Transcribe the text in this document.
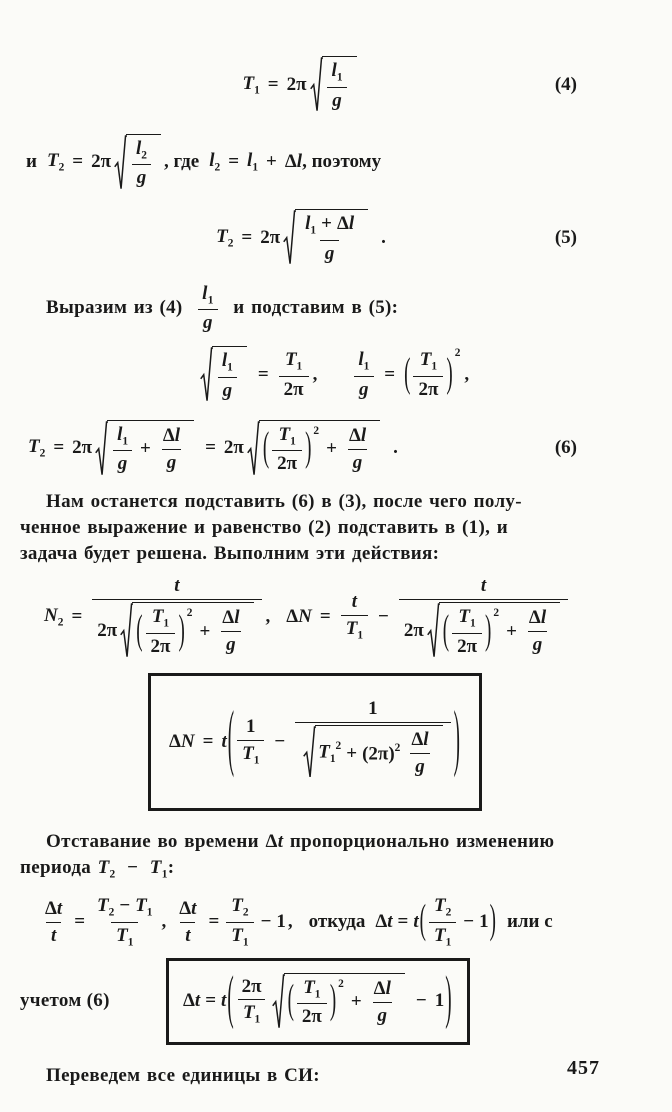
$T_1 = 2\pi \frac{l_1}{g}$	(4)
и $T_2 = 2\pi \frac{l_2}{g}$ , где $l_2 = l_1 + \Delta l$ , поэтому
$T_2 = 2\pi \frac{l_1 + \Delta l}{g}$ .	(5)

Выразим из $(4) \frac{l_1}{g}$ и подставим в (5):

$\frac{l_1}{g} = \frac{T_1}{2\pi}$ , $\frac{l_1}{g}$ = ( $\frac{T_1}{2\pi}$ ) 2
,
$T_2 = 2\pi \frac{l_1}{g} + \frac{\Delta l}{g} = 2\pi$ ( $\frac{T_1}{2\pi}$ ) 2
+ $\frac{\Delta l}{g}$ .	(6)
Нам останется подставить (6) в (3), после чего полу-
ченное выражение и равенство (2) подставить в (1), и
задача будет решена. Выполним эти действия:
$N_2$ =
t
2π ( $\frac{T_1}{2\pi}$ ) 2
+ $\frac{\Delta l}{g}$ , $\Delta N = \frac{t}{T_1}$ −
t
2π ( $\frac{T_1}{2\pi}$ ) 2
+ $\frac{\Delta l}{g}$
ΔN = t ( $\frac{1}{T_1}$ −
1
$T_1^2 + (2\pi)^2 \frac{\Delta l}{g}$ )

Отставание во времени Δt пропорционально изменению

периода $T_2 - T_1$:

$\frac{\Delta t}{t} = \frac{T_2 - T_1}{T_1}$ , $\frac{\Delta t}{t} = \frac{T_2}{T_1} - 1$ , откуда Δt = t ( $\frac{T_2}{T_1} - 1$ ) или с
учетом (6)	Δt = t ( $\frac{2\pi}{T_1}$ ( $\frac{T_1}{2\pi}$ ) 2
+ $\frac{\Delta l}{g} - 1$ )
Переведем все единицы в СИ:	457
